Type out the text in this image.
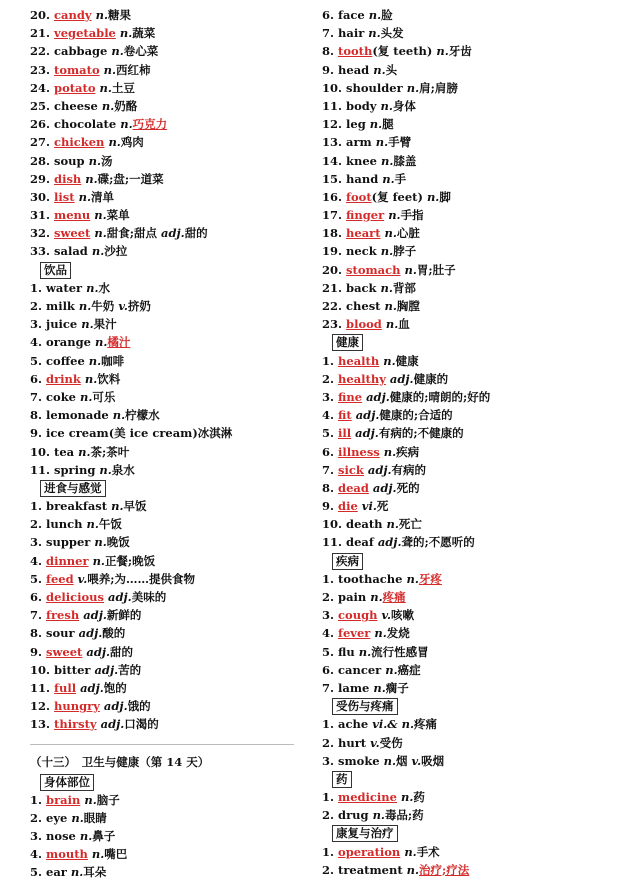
20. candy n.糖果
21. vegetable n.蔬菜
22. cabbage n.卷心菜
23. tomato n.西红柿
24. potato n.土豆
25. cheese n.奶酪
26. chocolate n.巧克力
27. chicken n.鸡肉
28. soup n.汤
29. dish n.碟;盘;一道菜
30. list n.清单
31. menu n.菜单
32. sweet n.甜食;甜点 adj.甜的
33. salad n.沙拉
饮品
1. water n.水
2. milk n.牛奶 v.挤奶
3. juice n.果汁
4. orange n.橘汁
5. coffee n.咖啡
6. drink n.饮料
7. coke n.可乐
8. lemonade n.柠檬水
9. ice cream(美 ice cream)冰淇淋
10. tea n.茶;茶叶
11. spring n.泉水
进食与感觉
1. breakfast n.早饭
2. lunch n.午饭
3. supper n.晚饭
4. dinner n.正餐;晚饭
5. feed v.喂养;为……提供食物
6. delicious adj.美味的
7. fresh adj.新鲜的
8. sour adj.酸的
9. sweet adj.甜的
10. bitter adj.苦的
11. full adj.饱的
12. hungry adj.饿的
13. thirsty adj.口渴的
（十三）　卫生与健康（第 14 天）
身体部位
1. brain n.脑子
2. eye n.眼睛
3. nose n.鼻子
4. mouth n.嘴巴
5. ear n.耳朵
6. face n.脸
7. hair n.头发
8. tooth(复 teeth) n.牙齿
9. head n.头
10. shoulder n.肩;肩膀
11. body n.身体
12. leg n.腿
13. arm n.手臂
14. knee n.膝盖
15. hand n.手
16. foot(复 feet) n.脚
17. finger n.手指
18. heart n.心脏
19. neck n.脖子
20. stomach n.胃;肚子
21. back n.背部
22. chest n.胸膛
23. blood n.血
健康
1. health n.健康
2. healthy adj.健康的
3. fine adj.健康的;晴朗的;好的
4. fit adj.健康的;合适的
5. ill adj.有病的;不健康的
6. illness n.疾病
7. sick adj.有病的
8. dead adj.死的
9. die vi.死
10. death n.死亡
11. deaf adj.聋的;不愿听的
疾病
1. toothache n.牙疼
2. pain n.疼痛
3. cough v.咳嗽
4. fever n.发烧
5. flu n.流行性感冒
6. cancer n.癌症
7. lame n.瘸子
受伤与疼痛
1. ache vi.& n.疼痛
2. hurt v.受伤
3. smoke n.烟 v.吸烟
药
1. medicine n.药
2. drug n.毒品;药
康复与治疗
1. operation n.手术
2. treatment n.治疗;疗法
